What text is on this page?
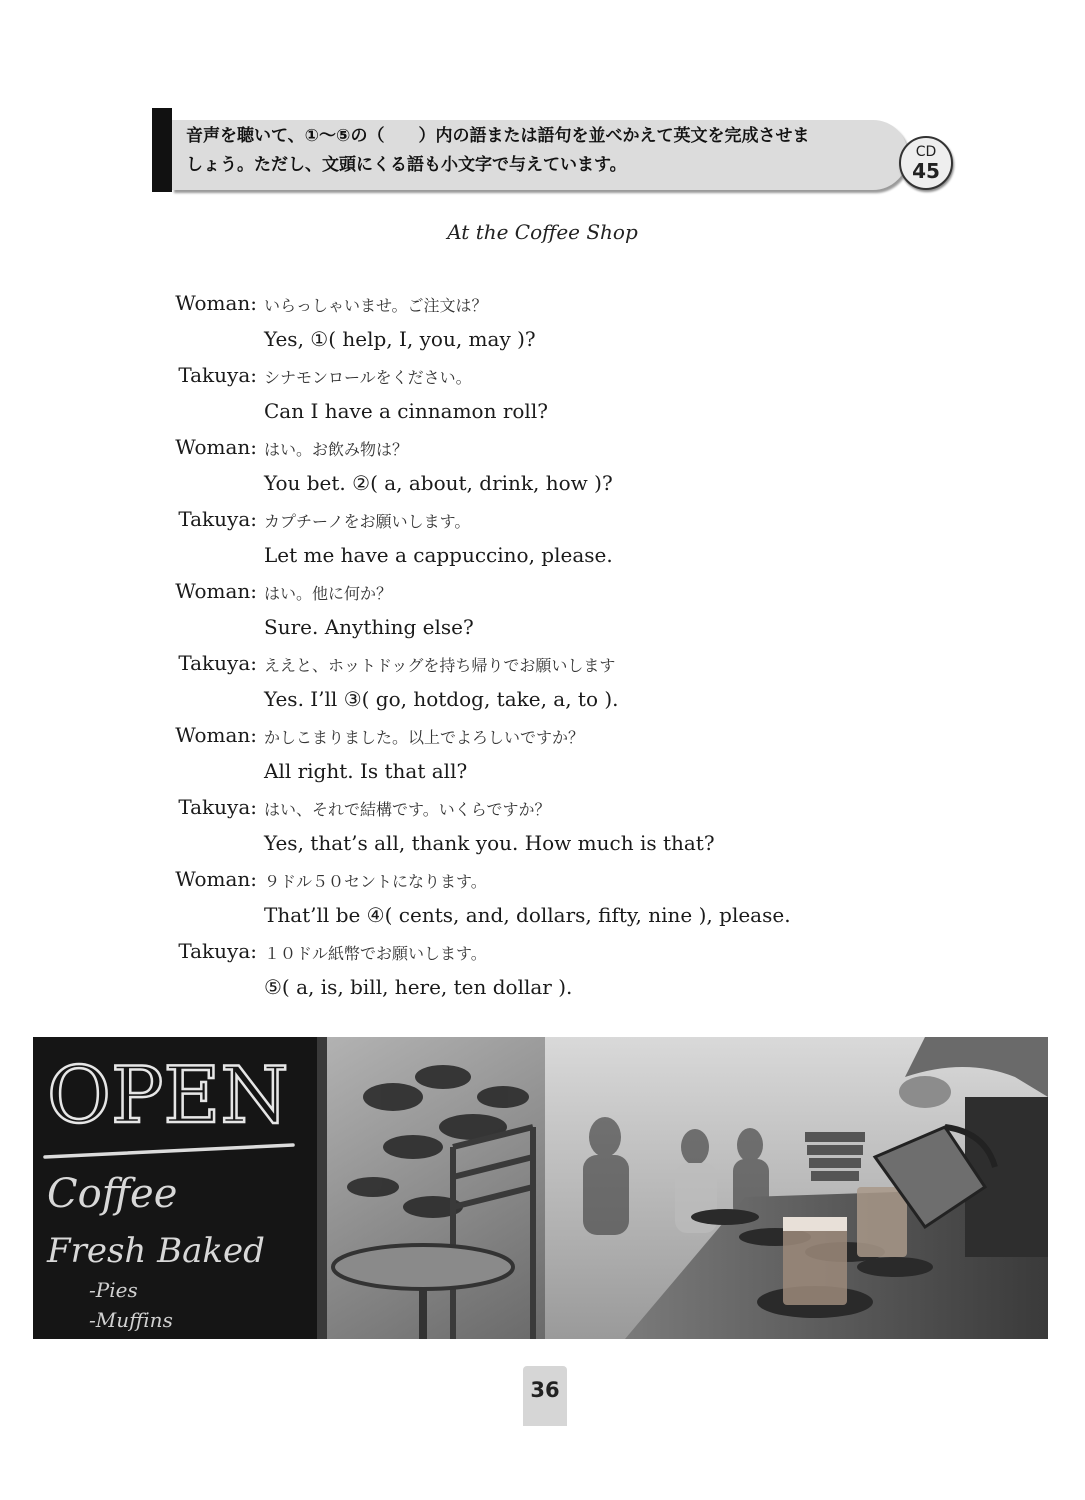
音声を聴いて、①〜⑤の（　　）内の語または語句を並べかえて英文を完成させま
しょう。ただし、文頭にくる語も小文字で与えています。
CD
45
At the Coffee Shop
Woman: いらっしゃいませ。ご注文は？
Yes, ①( help, I, you, may )?
Takuya: シナモンロールをください。
Can I have a cinnamon roll?
Woman: はい。お飲み物は？
You bet. ②( a, about, drink, how )?
Takuya: カプチーノをお願いします。
Let me have a cappuccino, please.
Woman: はい。他に何か？
Sure. Anything else?
Takuya: ええと、ホットドッグを持ち帰りでお願いします
Yes. I’ll ③( go, hotdog, take, a, to ).
Woman: かしこまりました。以上でよろしいですか？
All right. Is that all?
Takuya: はい、それで結構です。いくらですか？
Yes, that’s all, thank you. How much is that?
Woman: ９ドル５０セントになります。
That’ll be ④( cents, and, dollars, fifty, nine ), please.
Takuya: １０ドル紙幣でお願いします。
⑤( a, is, bill, here, ten dollar ).
OPEN
Coffee
Fresh Baked
-Pies
-Muffins
36
